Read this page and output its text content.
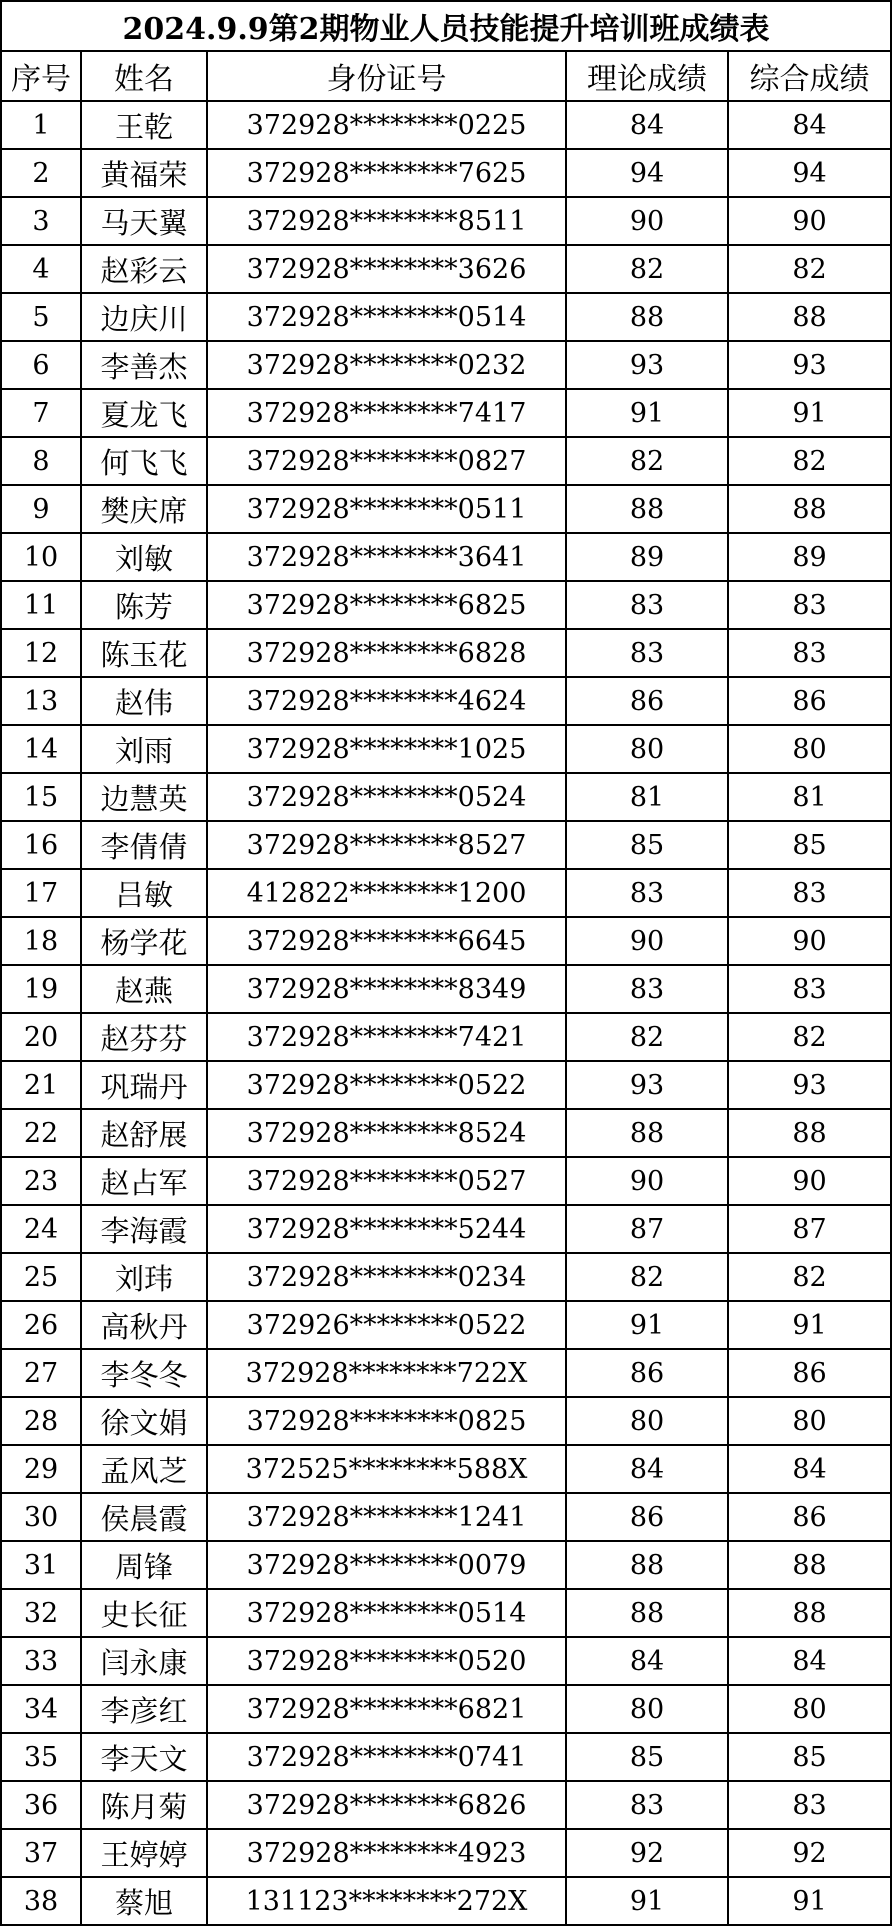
2024.9.9第2期物业人员技能提升培训班成绩表				
序号	姓名	身份证号	理论成绩	综合成绩
1	王乾	372928********0225	84	84
2	黄福荣	372928********7625	94	94
3	马天翼	372928********8511	90	90
4	赵彩云	372928********3626	82	82
5	边庆川	372928********0514	88	88
6	李善杰	372928********0232	93	93
7	夏龙飞	372928********7417	91	91
8	何飞飞	372928********0827	82	82
9	樊庆席	372928********0511	88	88
10	刘敏	372928********3641	89	89
11	陈芳	372928********6825	83	83
12	陈玉花	372928********6828	83	83
13	赵伟	372928********4624	86	86
14	刘雨	372928********1025	80	80
15	边慧英	372928********0524	81	81
16	李倩倩	372928********8527	85	85
17	吕敏	412822********1200	83	83
18	杨学花	372928********6645	90	90
19	赵燕	372928********8349	83	83
20	赵芬芬	372928********7421	82	82
21	巩瑞丹	372928********0522	93	93
22	赵舒展	372928********8524	88	88
23	赵占军	372928********0527	90	90
24	李海霞	372928********5244	87	87
25	刘玮	372928********0234	82	82
26	高秋丹	372926********0522	91	91
27	李冬冬	372928********722X	86	86
28	徐文娟	372928********0825	80	80
29	孟风芝	372525********588X	84	84
30	侯晨霞	372928********1241	86	86
31	周锋	372928********0079	88	88
32	史长征	372928********0514	88	88
33	闫永康	372928********0520	84	84
34	李彦红	372928********6821	80	80
35	李天文	372928********0741	85	85
36	陈月菊	372928********6826	83	83
37	王婷婷	372928********4923	92	92
38	蔡旭	131123********272X	91	91
